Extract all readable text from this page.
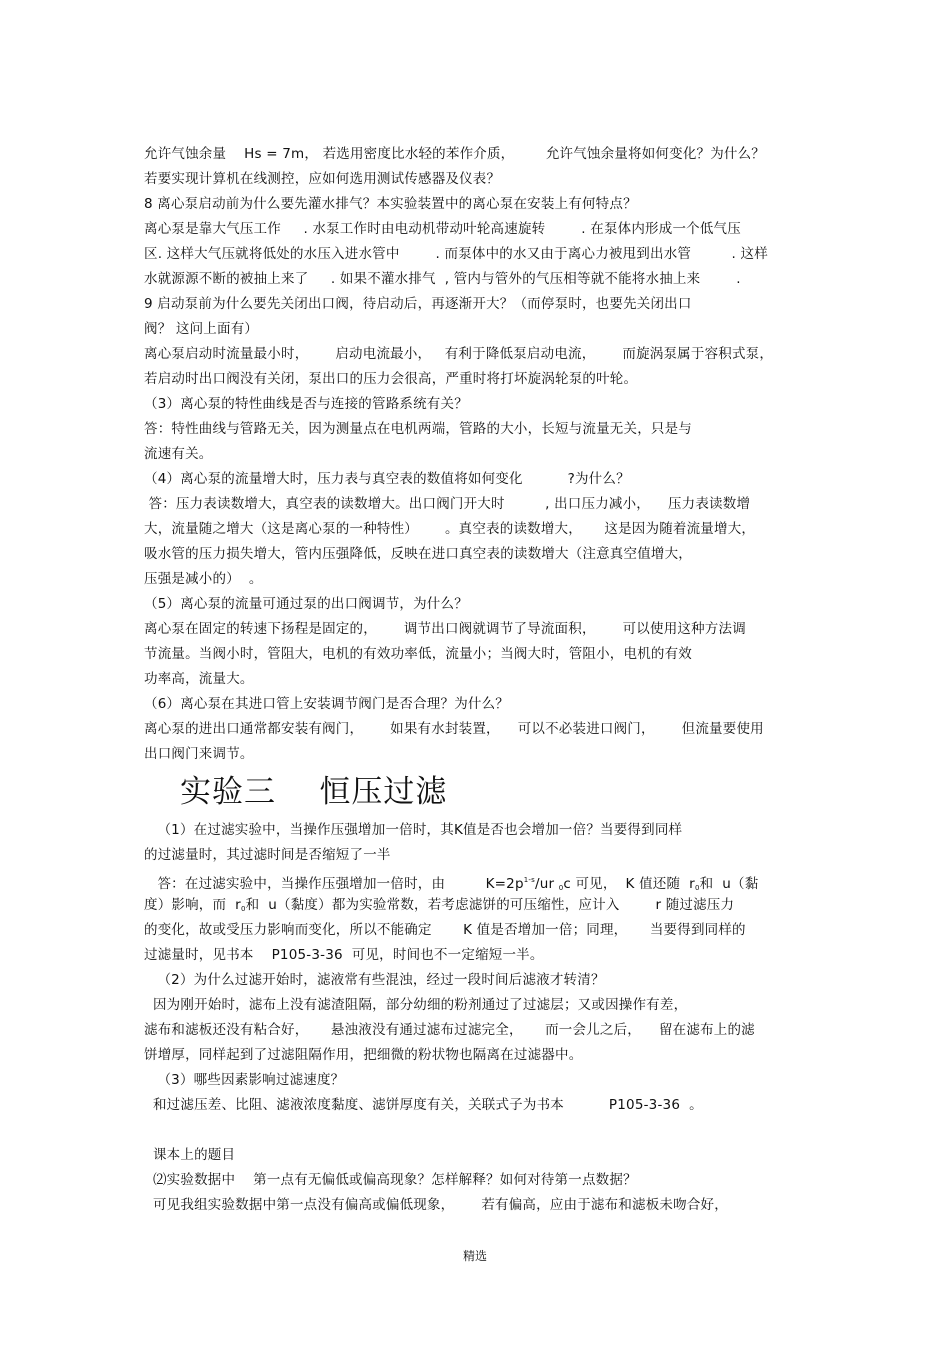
允许气蚀余量    Hs = 7m， 若选用密度比水轻的苯作介质，       允许气蚀余量将如何变化？为什么？
若要实现计算机在线测控，应如何选用测试传感器及仪表？
8 离心泵启动前为什么要先灌水排气？本实验装置中的离心泵在安装上有何特点？
离心泵是靠大气压工作     . 水泵工作时由电动机带动叶轮高速旋转        . 在泵体内形成一个低气压
区. 这样大气压就将低处的水压入进水管中        . 而泵体中的水又由于离心力被甩到出水管         . 这样
水就源源不断的被抽上来了     . 如果不灌水排气  , 管内与管外的气压相等就不能将水抽上来        .
9 启动泵前为什么要先关闭出口阀，待启动后，再逐渐开大？（而停泵时，也要先关闭出口
阀？ 这问上面有）
离心泵启动时流量最小时，      启动电流最小，   有利于降低泵启动电流，      而旋涡泵属于容积式泵，
若启动时出口阀没有关闭，泵出口的压力会很高，严重时将打坏旋涡轮泵的叶轮。
（3）离心泵的特性曲线是否与连接的管路系统有关？
答：特性曲线与管路无关，因为测量点在电机两端，管路的大小，长短与流量无关，只是与
流速有关。
（4）离心泵的流量增大时，压力表与真空表的数值将如何变化          ?为什么？
答：压力表读数增大，真空表的读数增大。出口阀门开大时         , 出口压力减小，    压力表读数增
大，流量随之增大（这是离心泵的一种特性）      。真空表的读数增大，     这是因为随着流量增大，
吸水管的压力损失增大，管内压强降低，反映在进口真空表的读数增大（注意真空值增大，
压强是减小的）  。
（5）离心泵的流量可通过泵的出口阀调节，为什么？
离心泵在固定的转速下扬程是固定的，      调节出口阀就调节了导流面积，      可以使用这种方法调
节流量。当阀小时，管阻大，电机的有效功率低，流量小；当阀大时，管阻小，电机的有效
功率高，流量大。
（6）离心泵在其进口管上安装调节阀门是否合理？为什么？
离心泵的进出口通常都安装有阀门，      如果有水封装置，    可以不必装进口阀门，      但流量要使用
出口阀门来调节。
实验三    恒压过滤
（1）在过滤实验中，当操作压强增加一倍时，其K值是否也会增加一倍？当要得到同样
的过滤量时，其过滤时间是否缩短了一半
答：在过滤实验中，当操作压强增加一倍时，由         $K=2p^{1-s}/ur$ $_0$c 可见，  K 值还随  $r_0$和  u（黏
度）影响，而  $r_0$和  u（黏度）都为实验常数，若考虑滤饼的可压缩性，应计入        r 随过滤压力
的变化，故或受压力影响而变化，所以不能确定       K 值是否增加一倍；同理，     当要得到同样的
过滤量时，见书本    P105-3-36  可见，时间也不一定缩短一半。
（2）为什么过滤开始时，滤液常有些混浊，经过一段时间后滤液才转清？
因为刚开始时，滤布上没有滤渣阻隔，部分幼细的粉剂通过了过滤层；又或因操作有差，
滤布和滤板还没有粘合好，     悬浊液没有通过滤布过滤完全，     而一会儿之后，    留在滤布上的滤
饼增厚，同样起到了过滤阻隔作用，把细微的粉状物也隔离在过滤器中。
（3）哪些因素影响过滤速度？
和过滤压差、比阻、滤液浓度黏度、滤饼厚度有关，关联式子为书本          P105-3-36  。
课本上的题目
⑵实验数据中    第一点有无偏低或偏高现象？怎样解释？如何对待第一点数据？
可见我组实验数据中第一点没有偏高或偏低现象，      若有偏高，应由于滤布和滤板未吻合好，
精选
